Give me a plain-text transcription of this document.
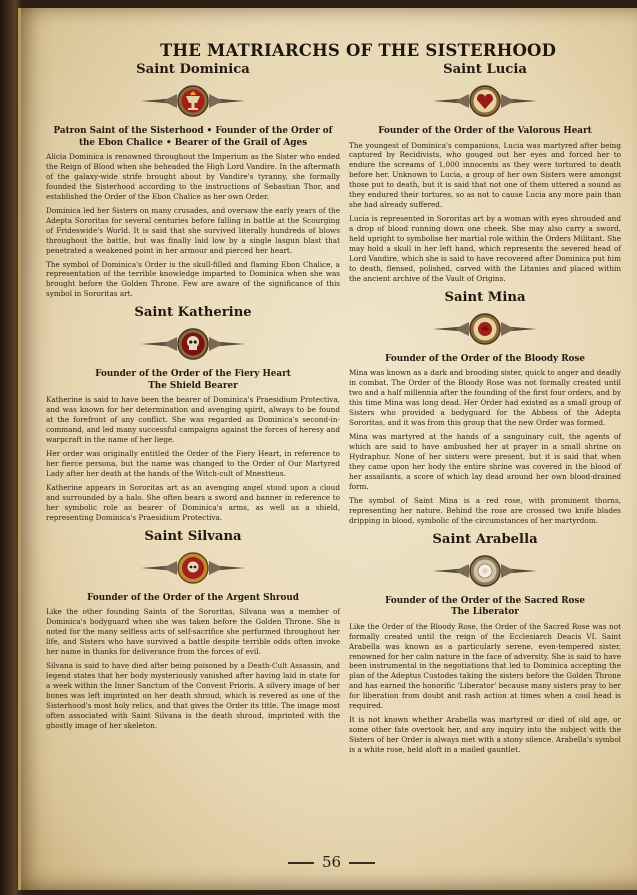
THE MATRIARCHS OF THE SISTERHOOD
Saint Dominica
Patron Saint of the Sisterhood • Founder of the Order of the Ebon Chalice • Bearer of the Grail of Ages

Alicia Dominica is renowned throughout the Imperium as the Sister who ended the Reign of Blood when she beheaded the High Lord Vandire. In the aftermath of the galaxy-wide strife brought about by Vandire's tyranny, she formally founded the Sisterhood according to the instructions of Sebastian Thor, and established the Order of the Ebon Chalice as her own Order.

Dominica led her Sisters on many crusades, and oversaw the early years of the Adepta Sororitas for several centuries before falling in battle at the Scourging of Frideswide's World. It is said that she survived literally hundreds of blows throughout the battle, but was finally laid low by a single lasgun blast that penetrated a weakened point in her armour and pierced her heart.

The symbol of Dominica's Order is the skull-filled and flaming Ebon Chalice, a representation of the terrible knowledge imparted to Dominica when she was brought before the Golden Throne. Few are aware of the significance of this symbol in Sororitas art.

Saint Katherine
Founder of the Order of the Fiery Heart
The Shield Bearer

Katherine is said to have been the bearer of Dominica's Praesidium Protectiva, and was known for her determination and avenging spirit, always to be found at the forefront of any conflict. She was regarded as Dominica's second-in-command, and led many successful campaigns against the forces of heresy and warpcraft in the name of her liege.

Her order was originally entitled the Order of the Fiery Heart, in reference to her fierce persona, but the name was changed to the Order of Our Martyred Lady after her death at the hands of the Witch-cult of Mnestteus.

Katherine appears in Sororitas art as an avenging angel stood upon a cloud and surrounded by a halo. She often bears a sword and banner in reference to her symbolic role as bearer of Dominica's arms, as well as a shield, representing Dominica's Praesidium Protectiva.

Saint Silvana
Founder of the Order of the Argent Shroud

Like the other founding Saints of the Sororitas, Silvana was a member of Dominica's bodyguard when she was taken before the Golden Throne. She is noted for the many selfless acts of self-sacrifice she performed throughout her life, and Sisters who have survived a battle despite terrible odds often invoke her name in thanks for deliverance from the forces of evil.

Silvana is said to have died after being poisoned by a Death-Cult Assassin, and legend states that her body mysteriously vanished after having laid in state for a week within the Inner Sanctum of the Convent Prioris. A silvery image of her bones was left imprinted on her death shroud, which is revered as one of the Sisterhood's most holy relics, and that gives the Order its title. The image most often associated with Saint Silvana is the death shroud, imprinted with the ghostly image of her skeleton.

Saint Lucia
Founder of the Order of the Valorous Heart

The youngest of Dominica's companions, Lucia was martyred after being captured by Recidivists, who gouged out her eyes and forced her to endure the screams of 1,000 innocents as they were tortured to death before her. Unknown to Lucia, a group of her own Sisters were amongst those put to death, but it is said that not one of them uttered a sound as they endured their tortures, so as not to cause Lucia any more pain than she had already suffered.

Lucia is represented in Sororitas art by a woman with eyes shrouded and a drop of blood running down one cheek. She may also carry a sword, held upright to symbolise her martial role within the Orders Militant. She may hold a skull in her left hand, which represents the severed head of Lord Vandire, which she is said to have recovered after Dominica put him to death, flensed, polished, carved with the Litanies and placed within the ancient archive of the Vault of Origins.

Saint Mina
Founder of the Order of the Bloody Rose

Mina was known as a dark and brooding sister, quick to anger and deadly in combat. The Order of the Bloody Rose was not formally created until two and a half millennia after the founding of the first four orders, and by this time Mina was long dead. Her Order had existed as a small group of Sisters who provided a bodyguard for the Abbess of the Adepta Sororitas, and it was from this group that the new Order was formed.

Mina was martyred at the hands of a sanguinary cult, the agents of which are said to have ambushed her at prayer in a small shrine on Hydraphur. None of her sisters were present, but it is said that when they came upon her body the entire shrine was covered in the blood of her assailants, a score of which lay dead around her own blood-drained form.

The symbol of Saint Mina is a red rose, with prominent thorns, representing her nature. Behind the rose are crossed two knife blades dripping in blood, symbolic of the circumstances of her martyrdom.

Saint Arabella
Founder of the Order of the Sacred Rose
The Liberator

Like the Order of the Bloody Rose, the Order of the Sacred Rose was not formally created until the reign of the Ecclesiarch Deacis VI. Saint Arabella was known as a particularly serene, even-tempered sister, renowned for her calm nature in the face of adversity. She is said to have been instrumental in the negotiations that led to Dominica accepting the plan of the Adeptus Custodes taking the sisters before the Golden Throne and has earned the honorific 'Liberator' because many sisters pray to her for liberation from doubt and rash action at times when a cool head is required.

It is not known whether Arabella was martyred or died of old age, or some other fate overtook her, and any inquiry into the subject with the Sisters of her Order is always met with a stony silence. Arabella's symbol is a white rose, held aloft in a mailed gauntlet.

56
